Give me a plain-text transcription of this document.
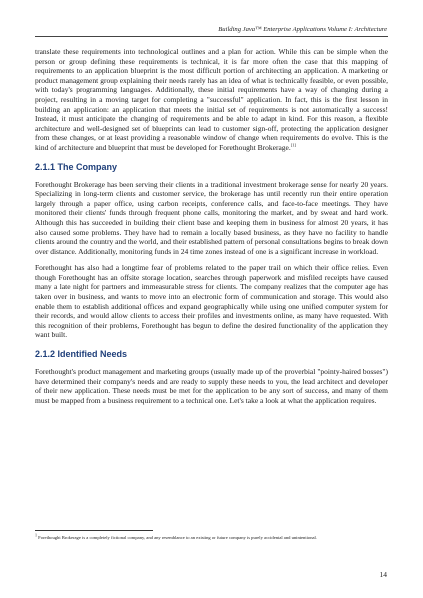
Building Java™ Enterprise Applications Volume I: Architecture

translate these requirements into technological outlines and a plan for action. While this can be simple when the person or group defining these requirements is technical, it is far more often the case that this mapping of requirements to an application blueprint is the most difficult portion of architecting an application. A marketing or product management group explaining their needs rarely has an idea of what is technically feasible, or even possible, with today's programming languages. Additionally, these initial requirements have a way of changing during a project, resulting in a moving target for completing a "successful" application. In fact, this is the first lesson in building an application: an application that meets the initial set of requirements is not automatically a success! Instead, it must anticipate the changing of requirements and be able to adapt in kind. For this reason, a flexible architecture and well-designed set of blueprints can lead to customer sign-off, protecting the application designer from these changes, or at least providing a reasonable window of change when requirements do evolve. This is the kind of architecture and blueprint that must be developed for Forethought Brokerage.[1]

2.1.1 The Company

Forethought Brokerage has been serving their clients in a traditional investment brokerage sense for nearly 20 years. Specializing in long-term clients and customer service, the brokerage has until recently run their entire operation largely through a paper office, using carbon receipts, conference calls, and face-to-face meetings. They have monitored their clients' funds through frequent phone calls, monitoring the market, and by sweat and hard work. Although this has succeeded in building their client base and keeping them in business for almost 20 years, it has also caused some problems. They have had to remain a locally based business, as they have no facility to handle clients around the country and the world, and their established pattern of personal consultations begins to break down over distance. Additionally, monitoring funds in 24 time zones instead of one is a significant increase in workload.

Forethought has also had a longtime fear of problems related to the paper trail on which their office relies. Even though Forethought has an offsite storage location, searches through paperwork and misfiled receipts have caused many a late night for partners and immeasurable stress for clients. The company realizes that the computer age has taken over in business, and wants to move into an electronic form of communication and storage. This would also enable them to establish additional offices and expand geographically while using one unified computer system for their records, and would allow clients to access their profiles and investments online, as many have requested. With this recognition of their problems, Forethought has begun to define the desired functionality of the application they want built.

2.1.2 Identified Needs

Forethought's product management and marketing groups (usually made up of the proverbial "pointy-haired bosses") have determined their company's needs and are ready to supply these needs to you, the lead architect and developer of their new application. These needs must be met for the application to be any sort of success, and many of them must be mapped from a business requirement to a technical one. Let's take a look at what the application requires.

$^1$ Forethought Brokerage is a completely fictional company, and any resemblance to an existing or future company is purely accidental and unintentional.
14
